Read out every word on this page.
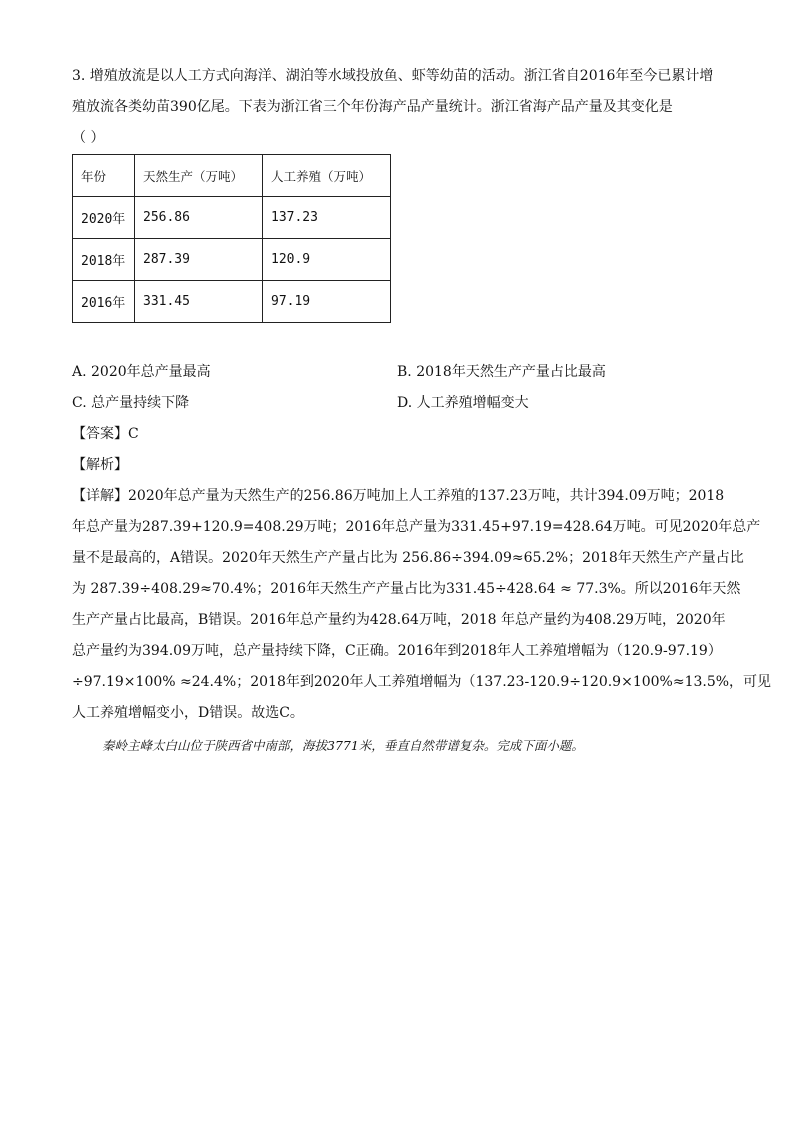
3. 增殖放流是以人工方式向海洋、湖泊等水域投放鱼、虾等幼苗的活动。浙江省自2016年至今已累计增
殖放流各类幼苗390亿尾。下表为浙江省三个年份海产品产量统计。浙江省海产品产量及其变化是
（ ）
年份	天然生产（万吨）	人工养殖（万吨）
2020年	256.86	137.23
2018年	287.39	120.9
2016年	331.45	97.19
A. 2020年总产量最高	B. 2018年天然生产产量占比最高
C. 总产量持续下降	D. 人工养殖增幅变大
【答案】C
【解析】
【详解】2020年总产量为天然生产的256.86万吨加上人工养殖的137.23万吨，共计394.09万吨；2018
年总产量为287.39+120.9=408.29万吨；2016年总产量为331.45+97.19=428.64万吨。可见2020年总产
量不是最高的，A错误。2020年天然生产产量占比为 256.86÷394.09≈65.2%；2018年天然生产产量占比
为 287.39÷408.29≈70.4%；2016年天然生产产量占比为331.45÷428.64 ≈ 77.3%。所以2016年天然
生产产量占比最高，B错误。2016年总产量约为428.64万吨，2018 年总产量约为408.29万吨，2020年
总产量约为394.09万吨，总产量持续下降，C正确。2016年到2018年人工养殖增幅为（120.9-97.19）
÷97.19×100% ≈24.4%；2018年到2020年人工养殖增幅为（137.23-120.9÷120.9×100%≈13.5%，可见
人工养殖增幅变小，D错误。故选C。
秦岭主峰太白山位于陕西省中南部，海拔3771米，垂直自然带谱复杂。完成下面小题。
